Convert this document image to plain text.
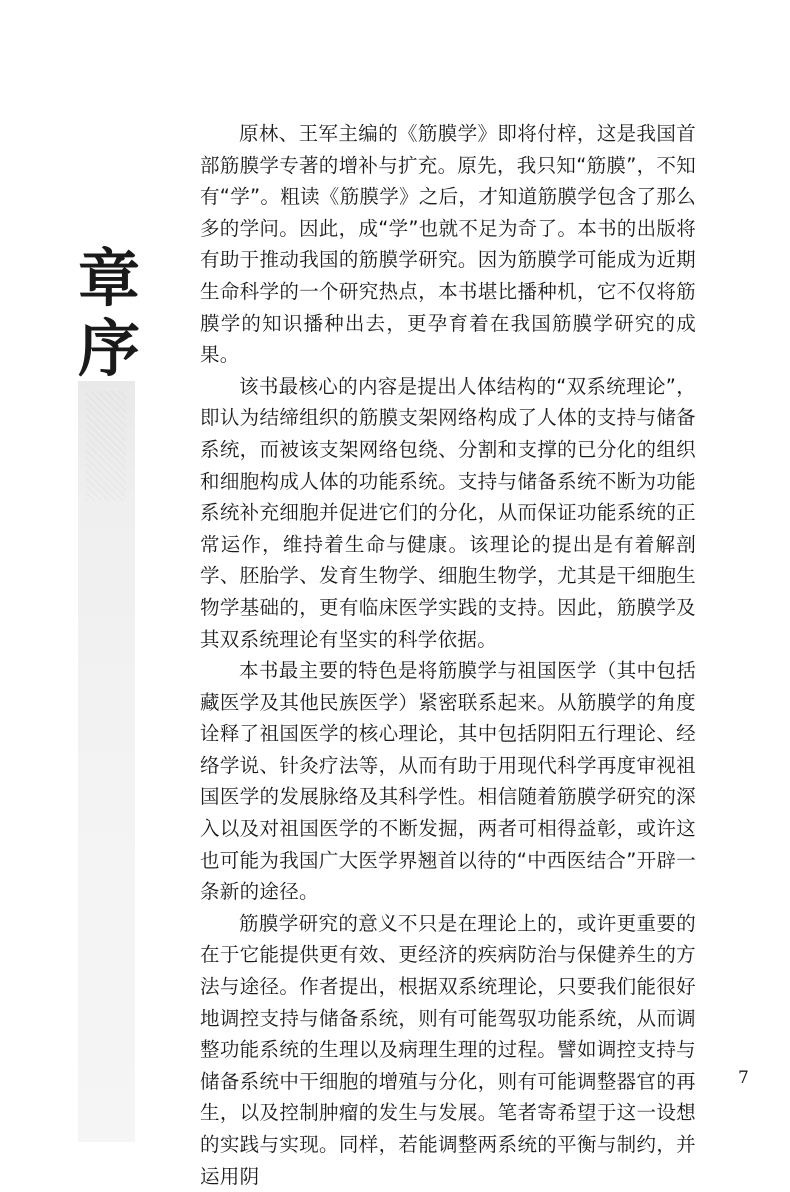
章
序

原林、王军主编的《筋膜学》即将付梓，这是我国首部筋膜学专著的增补与扩充。原先，我只知“筋膜”，不知有“学”。粗读《筋膜学》之后，才知道筋膜学包含了那么多的学问。因此，成“学”也就不足为奇了。本书的出版将有助于推动我国的筋膜学研究。因为筋膜学可能成为近期生命科学的一个研究热点，本书堪比播种机，它不仅将筋膜学的知识播种出去，更孕育着在我国筋膜学研究的成果。

该书最核心的内容是提出人体结构的“双系统理论”，即认为结缔组织的筋膜支架网络构成了人体的支持与储备系统，而被该支架网络包绕、分割和支撑的已分化的组织和细胞构成人体的功能系统。支持与储备系统不断为功能系统补充细胞并促进它们的分化，从而保证功能系统的正常运作，维持着生命与健康。该理论的提出是有着解剖学、胚胎学、发育生物学、细胞生物学，尤其是干细胞生物学基础的，更有临床医学实践的支持。因此，筋膜学及其双系统理论有坚实的科学依据。

本书最主要的特色是将筋膜学与祖国医学（其中包括藏医学及其他民族医学）紧密联系起来。从筋膜学的角度诠释了祖国医学的核心理论，其中包括阴阳五行理论、经络学说、针灸疗法等，从而有助于用现代科学再度审视祖国医学的发展脉络及其科学性。相信随着筋膜学研究的深入以及对祖国医学的不断发掘，两者可相得益彰，或许这也可能为我国广大医学界翘首以待的“中西医结合”开辟一条新的途径。

筋膜学研究的意义不只是在理论上的，或许更重要的在于它能提供更有效、更经济的疾病防治与保健养生的方法与途径。作者提出，根据双系统理论，只要我们能很好地调控支持与储备系统，则有可能驾驭功能系统，从而调整功能系统的生理以及病理生理的过程。譬如调控支持与储备系统中干细胞的增殖与分化，则有可能调整器官的再生，以及控制肿瘤的发生与发展。笔者寄希望于这一设想的实践与实现。同样，若能调整两系统的平衡与制约，并运用阴

7
